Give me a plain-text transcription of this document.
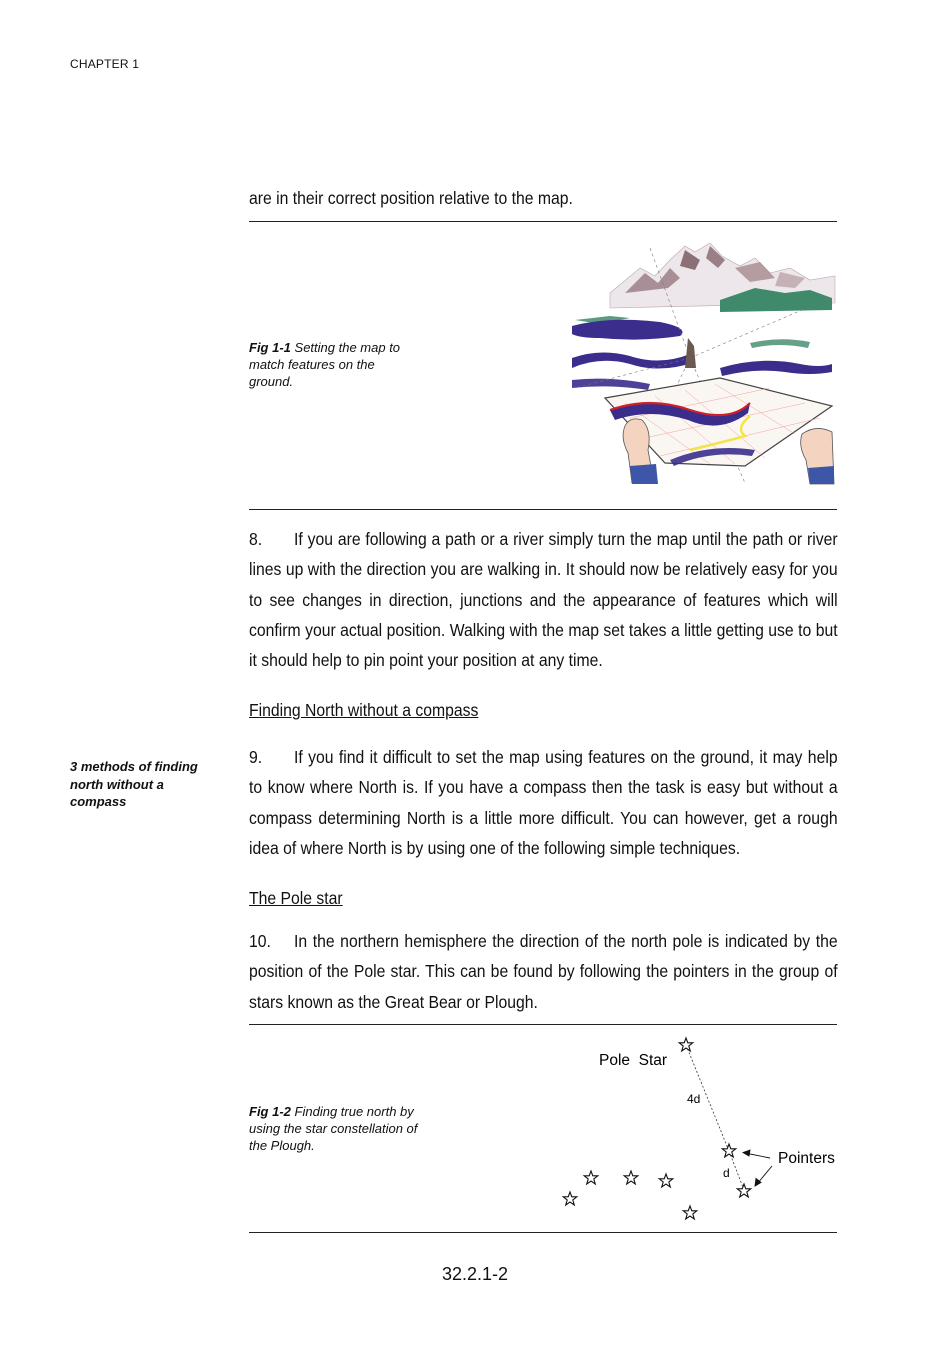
CHAPTER 1
are in their correct position relative to the map.
Fig 1-1 Setting the map to match features on the ground.
8. If you are following a path or a river simply turn the map until the path or river lines up with the direction you are walking in. It should now be relatively easy for you to see changes in direction, junctions and the appearance of features which will confirm your actual position. Walking with the map set takes a little getting use to but it should help to pin point your position at any time.
Finding North without a compass
3 methods of finding north without a compass
9. If you find it difficult to set the map using features on the ground, it may help to know where North is. If you have a compass then the task is easy but without a compass determining North is a little more difficult. You can however, get a rough idea of where North is by using one of the following simple techniques.
The Pole star
10. In the northern hemisphere the direction of the north pole is indicated by the position of the Pole star. This can be found by following the pointers in the group of stars known as the Great Bear or Plough.
Fig 1-2 Finding true north by using the star constellation of the Plough.
Pole  Star
4d
d
Pointers
32.2.1-2
